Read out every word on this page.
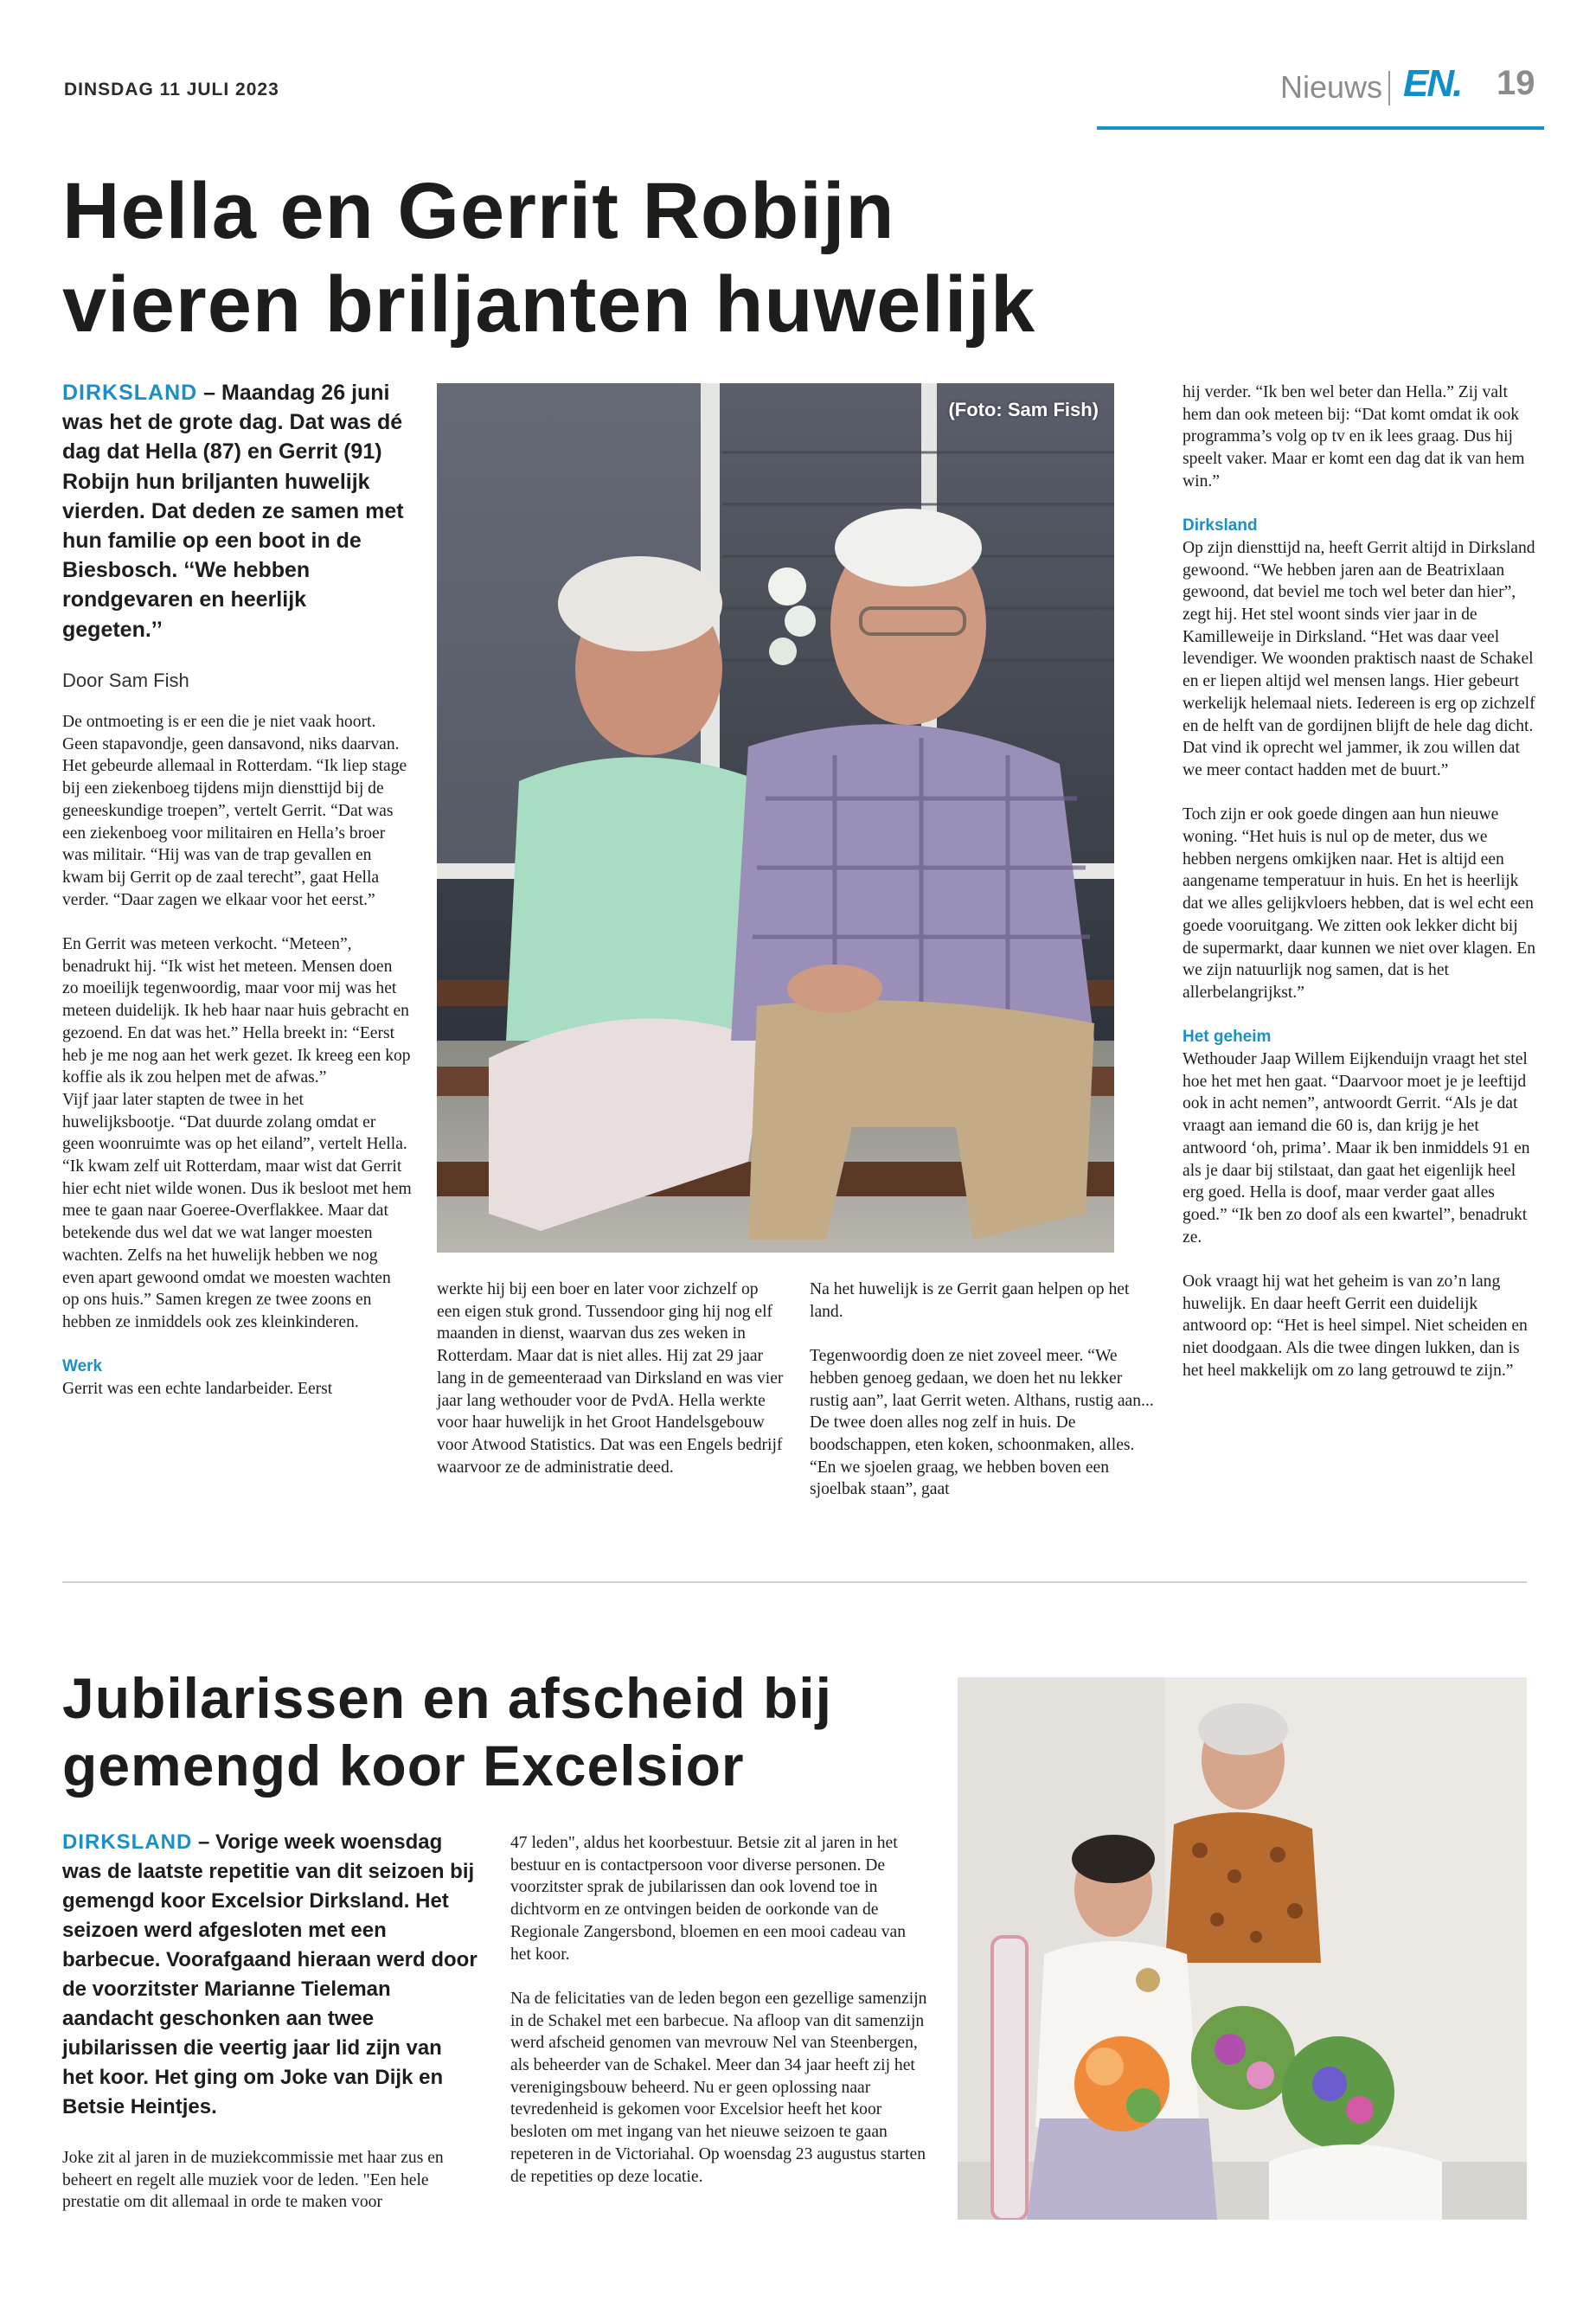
DINSDAG 11 JULI 2023	Nieuws EN. 19
Hella en Gerrit Robijn vieren briljanten huwelijk
DIRKSLAND – Maandag 26 juni was het de grote dag. Dat was dé dag dat Hella (87) en Gerrit (91) Robijn hun briljanten huwelijk vierden. Dat deden ze samen met hun familie op een boot in de Biesbosch. ‘‘We hebben rondgevaren en heerlijk gegeten.’’
Door Sam Fish

De ontmoeting is er een die je niet vaak hoort. Geen stapavondje, geen dansavond, niks daarvan. Het gebeurde allemaal in Rotterdam. “Ik liep stage bij een ziekenboeg tijdens mijn diensttijd bij de geneeskundige troepen”, vertelt Gerrit. “Dat was een ziekenboeg voor militairen en Hella’s broer was militair. “Hij was van de trap gevallen en kwam bij Gerrit op de zaal terecht”, gaat Hella verder. “Daar zagen we elkaar voor het eerst.”

En Gerrit was meteen verkocht. “Meteen”, benadrukt hij. “Ik wist het meteen. Mensen doen zo moeilijk tegenwoordig, maar voor mij was het meteen duidelijk. Ik heb haar naar huis gebracht en gezoend. En dat was het.” Hella breekt in: “Eerst heb je me nog aan het werk gezet. Ik kreeg een kop koffie als ik zou helpen met de afwas.”

Vijf jaar later stapten de twee in het huwelijksbootje. “Dat duurde zolang omdat er geen woonruimte was op het eiland”, vertelt Hella. “Ik kwam zelf uit Rotterdam, maar wist dat Gerrit hier echt niet wilde wonen. Dus ik besloot met hem mee te gaan naar Goeree-Overflakkee. Maar dat betekende dus wel dat we wat langer moesten wachten. Zelfs na het huwelijk hebben we nog even apart gewoond omdat we moesten wachten op ons huis.” Samen kregen ze twee zoons en hebben ze inmiddels ook zes kleinkinderen.

Werk

Gerrit was een echte landarbeider. Eerst

(Foto: Sam Fish)

werkte hij bij een boer en later voor zichzelf op een eigen stuk grond. Tussendoor ging hij nog elf maanden in dienst, waarvan dus zes weken in Rotterdam. Maar dat is niet alles. Hij zat 29 jaar lang in de gemeenteraad van Dirksland en was vier jaar lang wethouder voor de PvdA. Hella werkte voor haar huwelijk in het Groot Handelsgebouw voor Atwood Statistics. Dat was een Engels bedrijf waarvoor ze de administratie deed.

Na het huwelijk is ze Gerrit gaan helpen op het land.

Tegenwoordig doen ze niet zoveel meer. “We hebben genoeg gedaan, we doen het nu lekker rustig aan”, laat Gerrit weten. Althans, rustig aan... De twee doen alles nog zelf in huis. De boodschappen, eten koken, schoonmaken, alles. “En we sjoelen graag, we hebben boven een sjoelbak staan”, gaat

hij verder. “Ik ben wel beter dan Hella.” Zij valt hem dan ook meteen bij: “Dat komt omdat ik ook programma’s volg op tv en ik lees graag. Dus hij speelt vaker. Maar er komt een dag dat ik van hem win.”

Dirksland

Op zijn diensttijd na, heeft Gerrit altijd in Dirksland gewoond. “We hebben jaren aan de Beatrixlaan gewoond, dat beviel me toch wel beter dan hier”, zegt hij. Het stel woont sinds vier jaar in de Kamilleweije in Dirksland. “Het was daar veel levendiger. We woonden praktisch naast de Schakel en er liepen altijd wel mensen langs. Hier gebeurt werkelijk helemaal niets. Iedereen is erg op zichzelf en de helft van de gordijnen blijft de hele dag dicht. Dat vind ik oprecht wel jammer, ik zou willen dat we meer contact hadden met de buurt.”

Toch zijn er ook goede dingen aan hun nieuwe woning. “Het huis is nul op de meter, dus we hebben nergens omkijken naar. Het is altijd een aangename temperatuur in huis. En het is heerlijk dat we alles gelijkvloers hebben, dat is wel echt een goede vooruitgang. We zitten ook lekker dicht bij de supermarkt, daar kunnen we niet over klagen. En we zijn natuurlijk nog samen, dat is het allerbelangrijkst.”

Het geheim

Wethouder Jaap Willem Eijkenduijn vraagt het stel hoe het met hen gaat. “Daarvoor moet je je leeftijd ook in acht nemen”, antwoordt Gerrit. “Als je dat vraagt aan iemand die 60 is, dan krijg je het antwoord ‘oh, prima’. Maar ik ben inmiddels 91 en als je daar bij stilstaat, dan gaat het eigenlijk heel erg goed. Hella is doof, maar verder gaat alles goed.” “Ik ben zo doof als een kwartel”, benadrukt ze.

Ook vraagt hij wat het geheim is van zo’n lang huwelijk. En daar heeft Gerrit een duidelijk antwoord op: “Het is heel simpel. Niet scheiden en niet doodgaan. Als die twee dingen lukken, dan is het heel makkelijk om zo lang getrouwd te zijn.”

Jubilarissen en afscheid bij gemengd koor Excelsior
DIRKSLAND – Vorige week woensdag was de laatste repetitie van dit seizoen bij gemengd koor Excelsior Dirksland. Het seizoen werd afgesloten met een barbecue. Voorafgaand hieraan werd door de voorzitster Marianne Tieleman aandacht geschonken aan twee jubilarissen die veertig jaar lid zijn van het koor. Het ging om Joke van Dijk en Betsie Heintjes.

Joke zit al jaren in de muziekcommissie met haar zus en beheert en regelt alle muziek voor de leden. "Een hele prestatie om dit allemaal in orde te maken voor

47 leden", aldus het koorbestuur. Betsie zit al jaren in het bestuur en is contactpersoon voor diverse personen. De voorzitster sprak de jubilarissen dan ook lovend toe in dichtvorm en ze ontvingen beiden de oorkonde van de Regionale Zangersbond, bloemen en een mooi cadeau van het koor.

Na de felicitaties van de leden begon een gezellige samenzijn in de Schakel met een barbecue. Na afloop van dit samenzijn werd afscheid genomen van mevrouw Nel van Steenbergen, als beheerder van de Schakel. Meer dan 34 jaar heeft zij het verenigingsbouw beheerd. Nu er geen oplossing naar tevredenheid is gekomen voor Excelsior heeft het koor besloten om met ingang van het nieuwe seizoen te gaan repeteren in de Victoriahal. Op woensdag 23 augustus starten de repetities op deze locatie.
